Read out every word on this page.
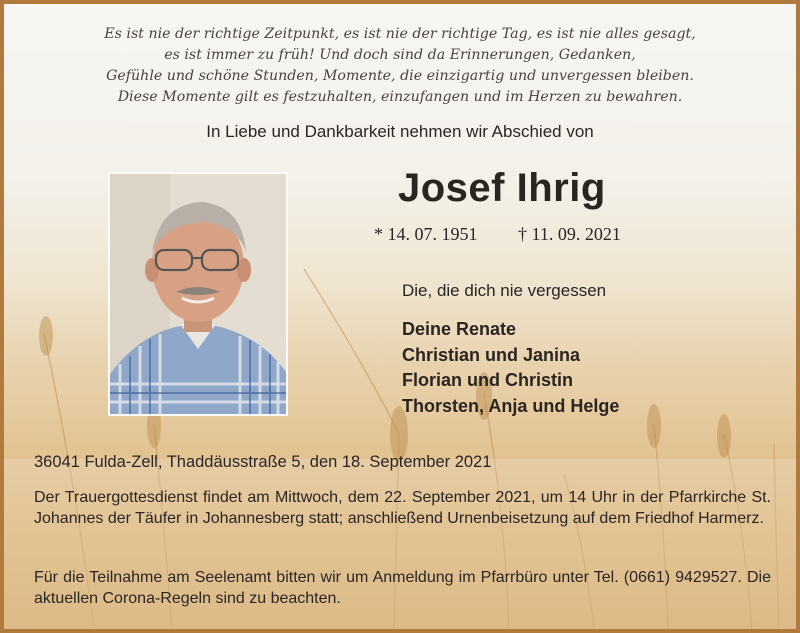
Es ist nie der richtige Zeitpunkt, es ist nie der richtige Tag, es ist nie alles gesagt,
es ist immer zu früh! Und doch sind da Erinnerungen, Gedanken,
Gefühle und schöne Stunden, Momente, die einzigartig und unvergessen bleiben.
Diese Momente gilt es festzuhalten, einzufangen und im Herzen zu bewahren.

In Liebe und Dankbarkeit nehmen wir Abschied von

Josef Ihrig
* 14. 07. 1951 † 11. 09. 2021

Die, die dich nie vergessen

Deine Renate
Christian und Janina
Florian und Christin
Thorsten, Anja und Helge

36041 Fulda-Zell, Thaddäusstraße 5, den 18. September 2021

Der Trauergottesdienst findet am Mittwoch, dem 22. September 2021, um 14 Uhr in der Pfarrkirche St. Johannes der Täufer in Johannesberg statt; anschließend Urnenbeisetzung auf dem Friedhof Harmerz.

Für die Teilnahme am Seelenamt bitten wir um Anmeldung im Pfarrbüro unter Tel. (0661) 9429527. Die aktuellen Corona-Regeln sind zu beachten.
